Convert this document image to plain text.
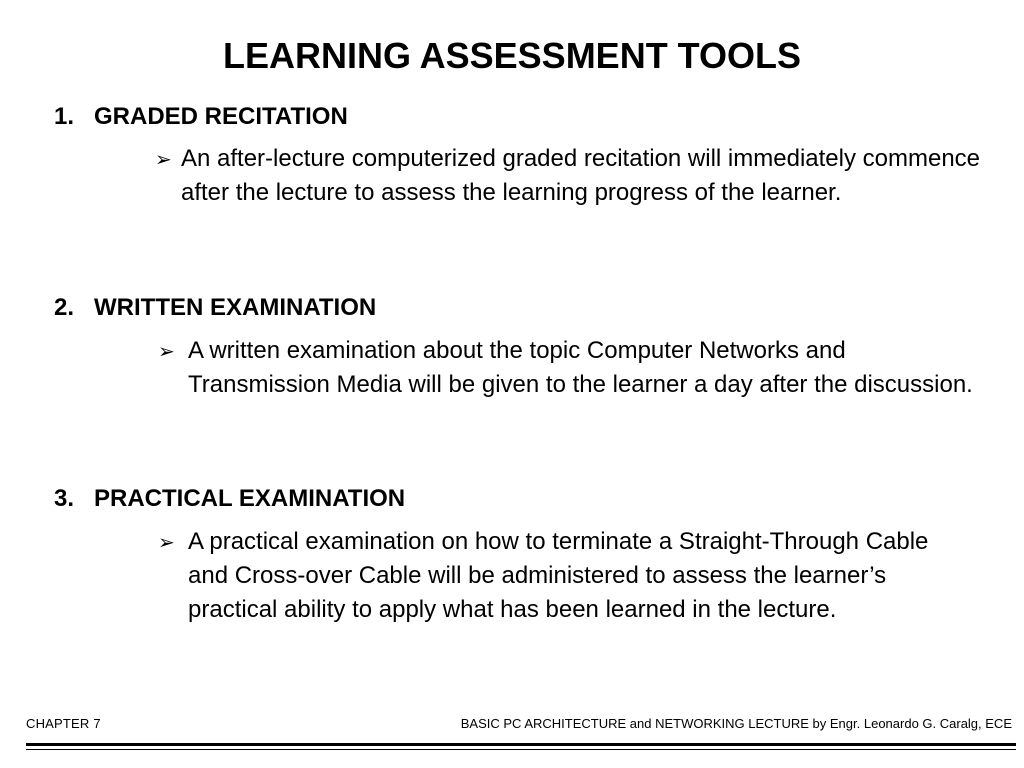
LEARNING ASSESSMENT TOOLS
1. GRADED RECITATION
➢ An after-lecture computerized graded recitation will immediately commence after the lecture to assess the learning progress of the learner.
2. WRITTEN EXAMINATION
➢ A written examination about the topic Computer Networks and Transmission Media will be given to the learner a day after the discussion.
3. PRACTICAL EXAMINATION
➢ A practical examination on how to terminate a Straight-Through Cable and Cross-over Cable will be administered to assess the learner’s practical ability to apply what has been learned in the lecture.
CHAPTER 7	BASIC PC ARCHITECTURE and NETWORKING LECTURE by Engr. Leonardo G. Caralg, ECE
